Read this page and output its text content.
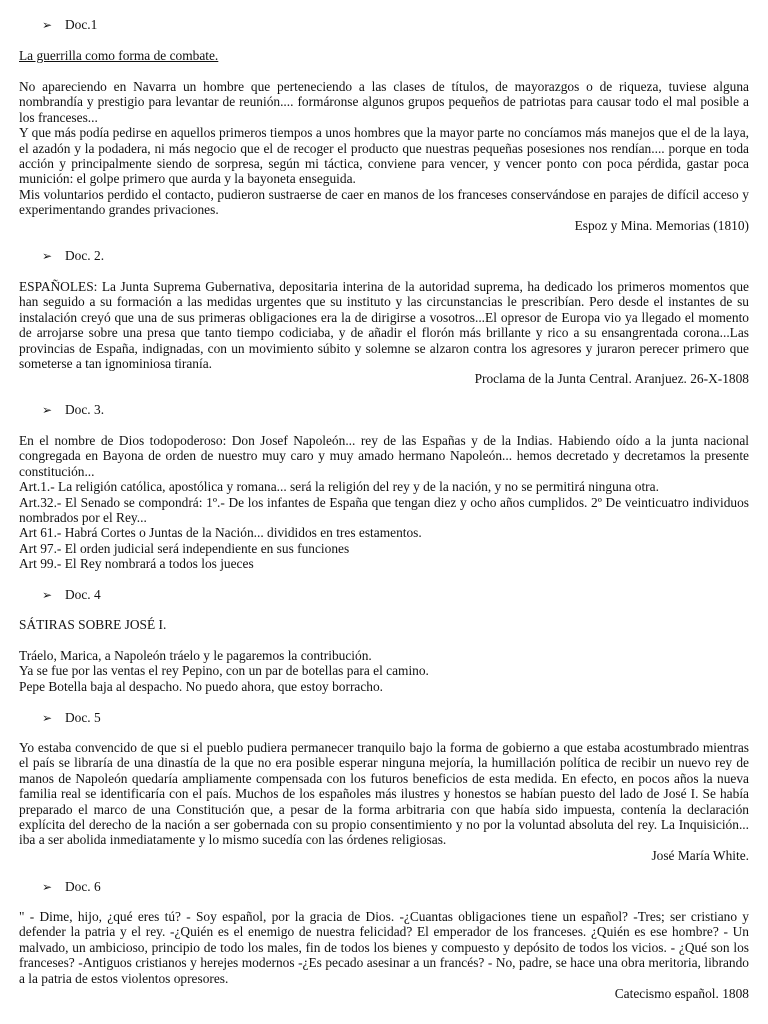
➢ Doc.1
La guerrilla como forma de combate.
No apareciendo en Navarra un hombre que perteneciendo a las clases de títulos, de mayorazgos o de riqueza, tuviese alguna nombrandía y prestigio para levantar de reunión.... formáronse algunos grupos pequeños de patriotas para causar todo el mal posible a los franceses...
Y que más podía pedirse en aquellos primeros tiempos a unos hombres que la mayor parte no concíamos más manejos que el de la laya, el azadón y la podadera, ni más negocio que el de recoger el producto que nuestras pequeñas posesiones nos rendían.... porque en toda acción y principalmente siendo de sorpresa, según mi táctica, conviene para vencer, y vencer ponto con poca pérdida, gastar poca munición: el golpe primero que aurda y la bayoneta enseguida.
Mis voluntarios perdido el contacto, pudieron sustraerse de caer en manos de los franceses conservándose en parajes de difícil acceso y experimentando grandes privaciones.
Espoz y Mina. Memorias (1810)
➢ Doc. 2.
ESPAÑOLES: La Junta Suprema Gubernativa, depositaria interina de la autoridad suprema, ha dedicado los primeros momentos que han seguido a su formación a las medidas urgentes que su instituto y las circunstancias le prescribían. Pero desde el instantes de su instalación creyó que una de sus primeras obligaciones era la de dirigirse a vosotros...El opresor de Europa vio ya llegado el momento de arrojarse sobre una presa que tanto tiempo codiciaba, y de añadir el florón más brillante y rico a su ensangrentada corona...Las provincias de España, indignadas, con un movimiento súbito y solemne se alzaron contra los agresores y juraron perecer primero que someterse a tan ignominiosa tiranía.
Proclama de la Junta Central. Aranjuez. 26-X-1808
➢ Doc. 3.
En el nombre de Dios todopoderoso: Don Josef Napoleón... rey de las Españas y de la Indias. Habiendo oído a la junta nacional congregada en Bayona de orden de nuestro muy caro y muy amado hermano Napoleón... hemos decretado y decretamos la presente constitución...
Art.1.- La religión católica, apostólica y romana... será la religión del rey y de la nación, y no se permitirá ninguna otra.
Art.32.- El Senado se compondrá: 1º.- De los infantes de España que tengan diez y ocho años cumplidos. 2º De veinticuatro individuos nombrados por el Rey...
Art 61.- Habrá Cortes o Juntas de la Nación... divididos en tres estamentos.
Art 97.- El orden judicial será independiente en sus funciones
Art 99.- El Rey nombrará a todos los jueces
➢ Doc. 4
SÁTIRAS SOBRE JOSÉ I.
Tráelo, Marica, a Napoleón tráelo y le pagaremos la contribución.
Ya se fue por las ventas el rey Pepino, con un par de botellas para el camino.
Pepe Botella baja al despacho. No puedo ahora, que estoy borracho.
➢ Doc. 5
Yo estaba convencido de que si el pueblo pudiera permanecer tranquilo bajo la forma de gobierno a que estaba acostumbrado mientras el país se libraría de una dinastía de la que no era posible esperar ninguna mejoría, la humillación política de recibir un nuevo rey de manos de Napoleón quedaría ampliamente compensada con los futuros beneficios de esta medida. En efecto, en pocos años la nueva familia real se identificaría con el país. Muchos de los españoles más ilustres y honestos se habían puesto del lado de José I. Se había preparado el marco de una Constitución que, a pesar de la forma arbitraria con que había sido impuesta, contenía la declaración explícita del derecho de la nación a ser gobernada con su propio consentimiento y no por la voluntad absoluta del rey. La Inquisición... iba a ser abolida inmediatamente y lo mismo sucedía con las órdenes religiosas.
José María White.
➢ Doc. 6
" - Dime, hijo, ¿qué eres tú? - Soy español, por la gracia de Dios. -¿Cuantas obligaciones tiene un español? -Tres; ser cristiano y defender la patria y el rey. -¿Quién es el enemigo de nuestra felicidad? El emperador de los franceses. ¿Quién es ese hombre? - Un malvado, un ambicioso, principio de todo los males, fin de todos los bienes y compuesto y depósito de todos los vicios. - ¿Qué son los franceses? -Antiguos cristianos y herejes modernos -¿Es pecado asesinar a un francés? - No, padre, se hace una obra meritoria, librando a la patria de estos violentos opresores.
Catecismo español. 1808
